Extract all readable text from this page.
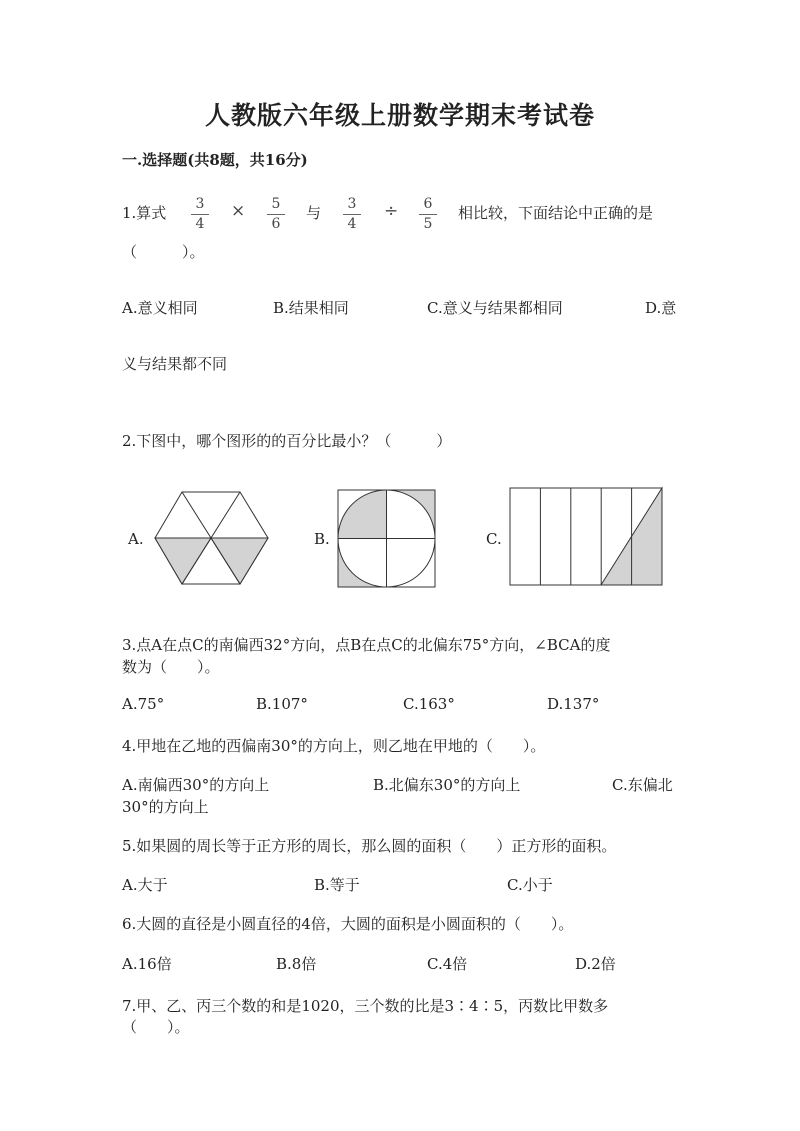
人教版六年级上册数学期末考试卷
一.选择题(共8题，共16分)
1.算式	3
4
×	5
6
与	3
4
÷	6
5
相比较，下面结论中正确的是
（　　　）。
A.意义相同	B.结果相同	C.意义与结果都相同	D.意
义与结果都不同
2.下图中，哪个图形的的百分比最小？（　　　）
A.	B.	C.
3.点A在点C的南偏西32°方向，点B在点C的北偏东75°方向，∠BCA的度
数为（　　）。
A.75°	B.107°	C.163°	D.137°
4.甲地在乙地的西偏南30°的方向上，则乙地在甲地的（　　）。
A.南偏西30°的方向上	B.北偏东30°的方向上	C.东偏北
30°的方向上
5.如果圆的周长等于正方形的周长，那么圆的面积（　　）正方形的面积。
A.大于	B.等于	C.小于
6.大圆的直径是小圆直径的4倍，大圆的面积是小圆面积的（　　）。
A.16倍	B.8倍	C.4倍	D.2倍
7.甲、乙、丙三个数的和是1020，三个数的比是3∶4∶5，丙数比甲数多
（　　）。
